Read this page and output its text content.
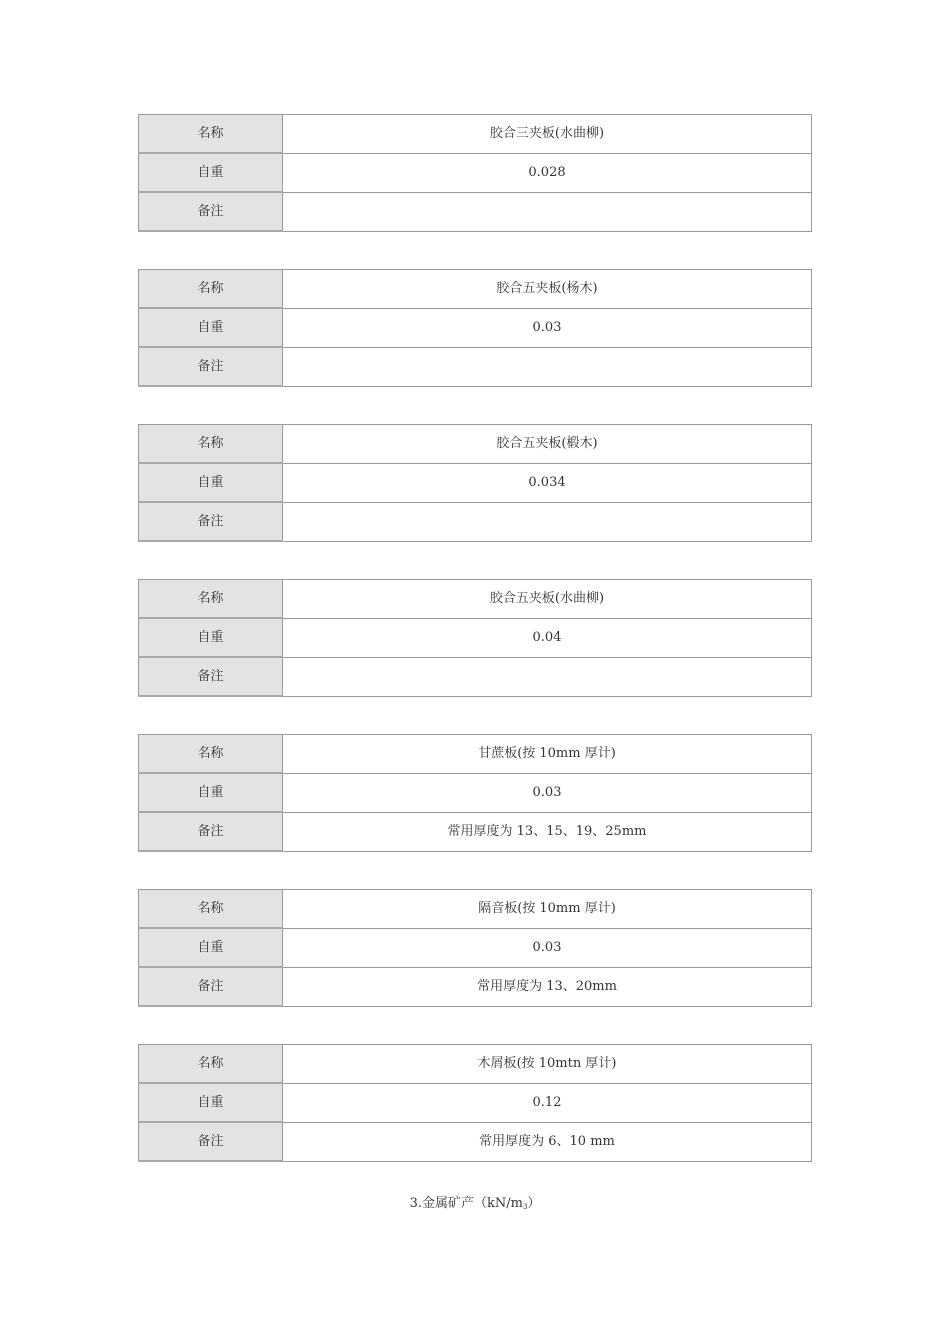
名称	胶合三夹板(水曲柳)
自重	0.028
备注	
名称	胶合五夹板(杨木)
自重	0.03
备注	
名称	胶合五夹板(椴木)
自重	0.034
备注	
名称	胶合五夹板(水曲柳)
自重	0.04
备注	
名称	甘蔗板(按 10mm 厚计)
自重	0.03
备注	常用厚度为 13、15、19、25mm
名称	隔音板(按 10mm 厚计)
自重	0.03
备注	常用厚度为 13、20mm
名称	木屑板(按 10mtn 厚计)
自重	0.12
备注	常用厚度为 6、10 mm
3.金属矿产$(kN/m_3)$
